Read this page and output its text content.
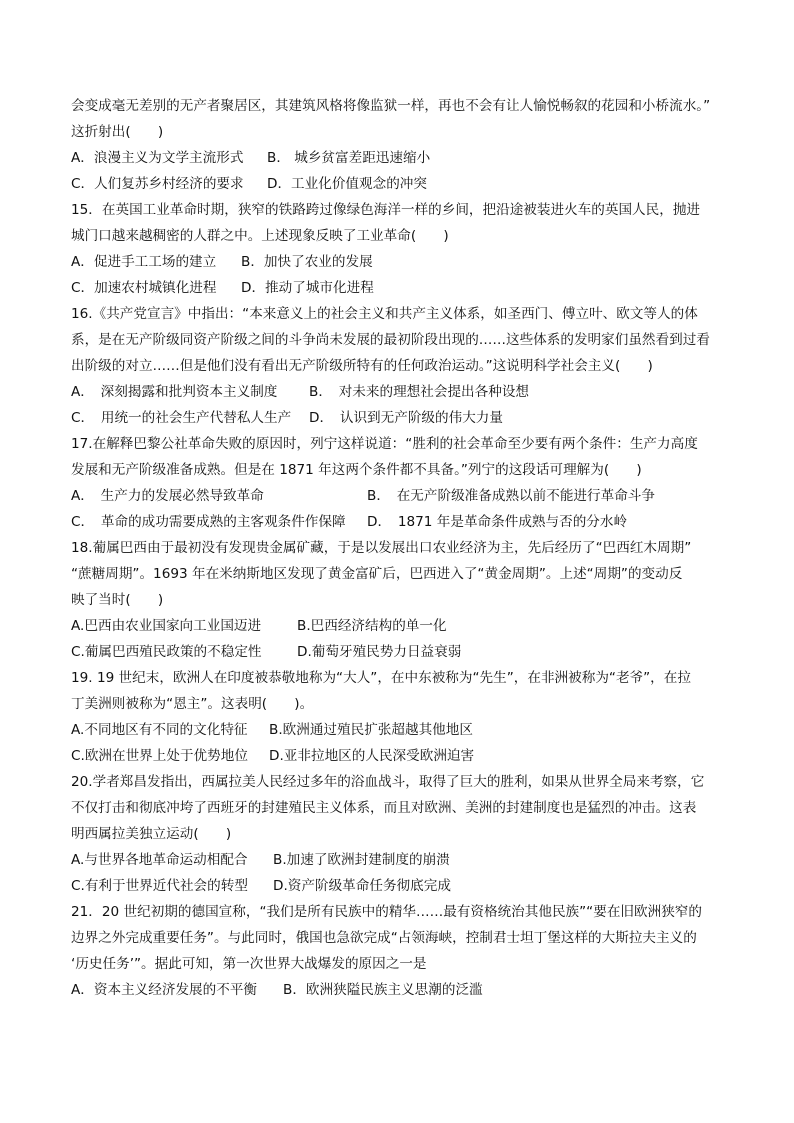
会变成毫无差别的无产者聚居区，其建筑风格将像监狱一样，再也不会有让人愉悦畅叙的花园和小桥流水。”
这折射出(　　)
A．浪漫主义为文学主流形式 B． 城乡贫富差距迅速缩小
C．人们复苏乡村经济的要求 D．工业化价值观念的冲突
15．在英国工业革命时期，狭窄的铁路跨过像绿色海洋一样的乡间，把沿途被装进火车的英国人民，抛进
城门口越来越稠密的人群之中。上述现象反映了工业革命(　　)
A．促进手工工场的建立 B．加快了农业的发展
C．加速农村城镇化进程 D．推动了城市化进程
16.《共产党宣言》中指出：“本来意义上的社会主义和共产主义体系，如圣西门、傅立叶、欧文等人的体
系，是在无产阶级同资产阶级之间的斗争尚未发展的最初阶段出现的……这些体系的发明家们虽然看到过看
出阶级的对立……但是他们没有看出无产阶级所特有的任何政治运动。”这说明科学社会主义(　　)
A．　深刻揭露和批判资本主义制度 B．　对未来的理想社会提出各种设想
C．　用统一的社会生产代替私人生产 D．　认识到无产阶级的伟大力量
17.在解释巴黎公社革命失败的原因时，列宁这样说道：“胜利的社会革命至少要有两个条件：生产力高度
发展和无产阶级准备成熟。但是在 1871 年这两个条件都不具备。”列宁的这段话可理解为(　　)
A．　生产力的发展必然导致革命	B．　在无产阶级准备成熟以前不能进行革命斗争
C．　革命的成功需要成熟的主客观条件作保障 D．　1871 年是革命条件成熟与否的分水岭
18.葡属巴西由于最初没有发现贵金属矿藏，于是以发展出口农业经济为主，先后经历了“巴西红木周期”
“蔗糖周期”。1693 年在米纳斯地区发现了黄金富矿后，巴西进入了“黄金周期”。上述“周期”的变动反
映了当时(　　)
A.巴西由农业国家向工业国迈进	B.巴西经济结构的单一化
C.葡属巴西殖民政策的不稳定性	D.葡萄牙殖民势力日益衰弱
19. 19 世纪末，欧洲人在印度被恭敬地称为“大人”，在中东被称为“先生”，在非洲被称为“老爷”，在拉
丁美洲则被称为“恩主”。这表明(　　)。
A.不同地区有不同的文化特征 B.欧洲通过殖民扩张超越其他地区
C.欧洲在世界上处于优势地位 D.亚非拉地区的人民深受欧洲迫害
20.学者郑昌发指出，西属拉美人民经过多年的浴血战斗，取得了巨大的胜利，如果从世界全局来考察，它
不仅打击和彻底冲垮了西班牙的封建殖民主义体系，而且对欧洲、美洲的封建制度也是猛烈的冲击。这表
明西属拉美独立运动(　　)
A.与世界各地革命运动相配合 B.加速了欧洲封建制度的崩溃
C.有利于世界近代社会的转型 D.资产阶级革命任务彻底完成
21．20 世纪初期的德国宣称，“我们是所有民族中的精华……最有资格统治其他民族”“要在旧欧洲狭窄的
边界之外完成重要任务”。与此同时，俄国也急欲完成“占领海峡，控制君士坦丁堡这样的大斯拉夫主义的
‘历史任务’”。据此可知，第一次世界大战爆发的原因之一是
A．资本主义经济发展的不平衡 B．欧洲狭隘民族主义思潮的泛滥
